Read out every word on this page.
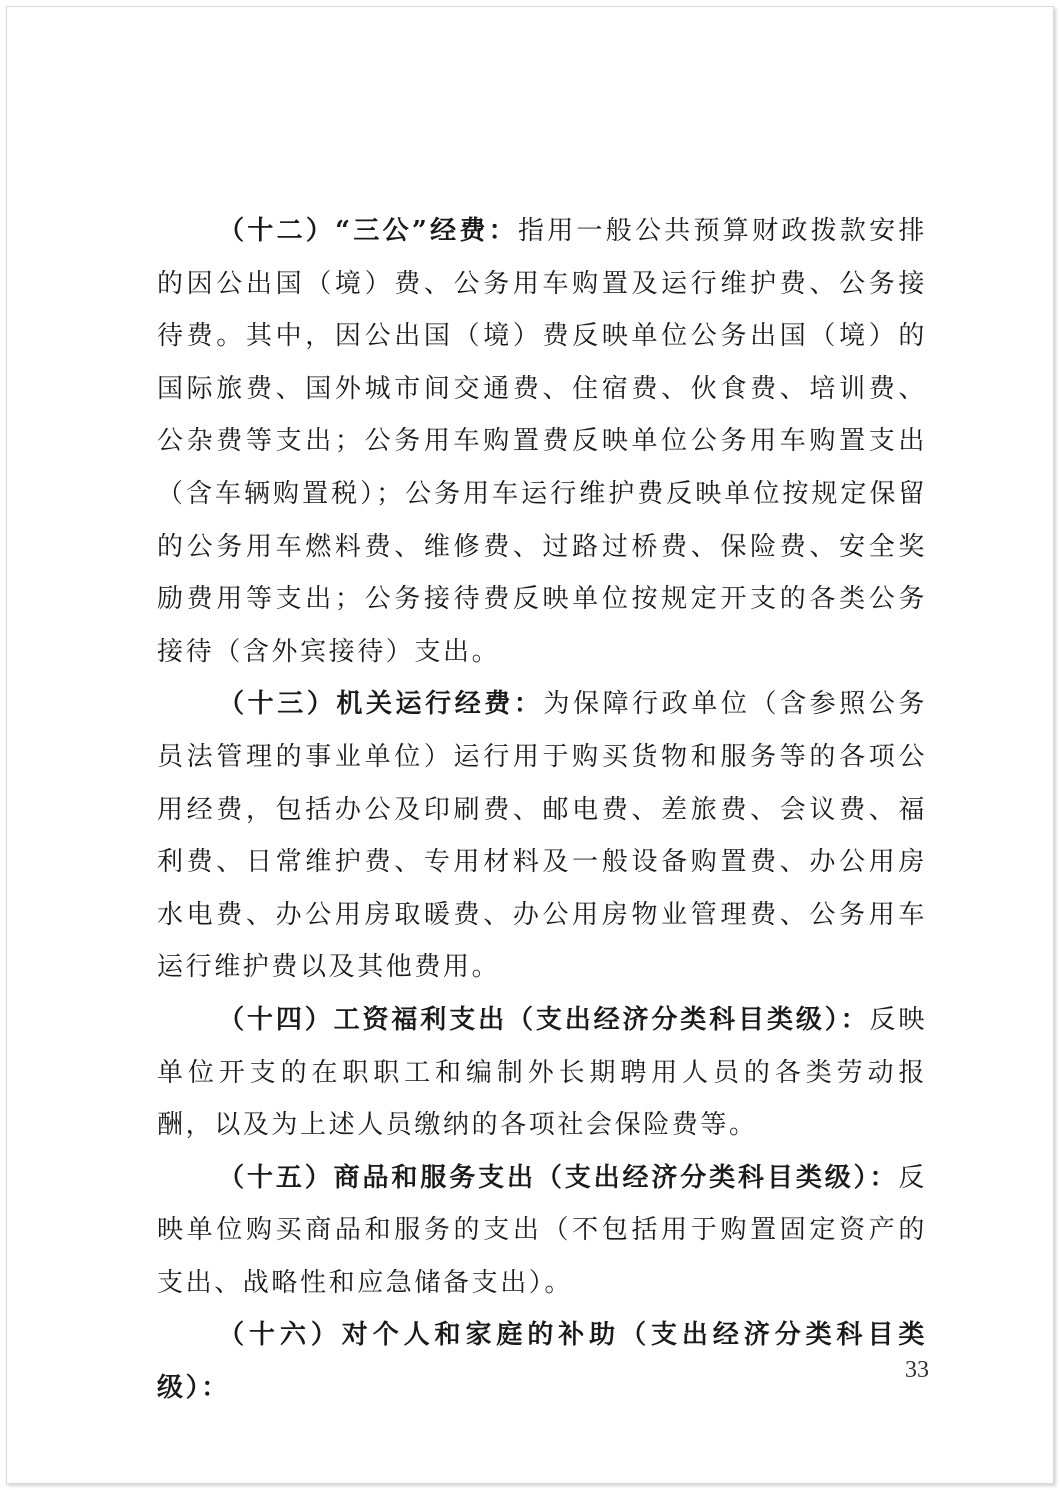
（十二）“三公”经费：指用一般公共预算财政拨款安排的因公出国（境）费、公务用车购置及运行维护费、公务接待费。其中，因公出国（境）费反映单位公务出国（境）的国际旅费、国外城市间交通费、住宿费、伙食费、培训费、公杂费等支出；公务用车购置费反映单位公务用车购置支出（含车辆购置税）；公务用车运行维护费反映单位按规定保留的公务用车燃料费、维修费、过路过桥费、保险费、安全奖励费用等支出；公务接待费反映单位按规定开支的各类公务接待（含外宾接待）支出。

（十三）机关运行经费：为保障行政单位（含参照公务员法管理的事业单位）运行用于购买货物和服务等的各项公用经费，包括办公及印刷费、邮电费、差旅费、会议费、福利费、日常维护费、专用材料及一般设备购置费、办公用房水电费、办公用房取暖费、办公用房物业管理费、公务用车运行维护费以及其他费用。

（十四）工资福利支出（支出经济分类科目类级）：反映单位开支的在职职工和编制外长期聘用人员的各类劳动报酬，以及为上述人员缴纳的各项社会保险费等。

（十五）商品和服务支出（支出经济分类科目类级）：反映单位购买商品和服务的支出（不包括用于购置固定资产的支出、战略性和应急储备支出）。

（十六）对个人和家庭的补助（支出经济分类科目类级）：

33
